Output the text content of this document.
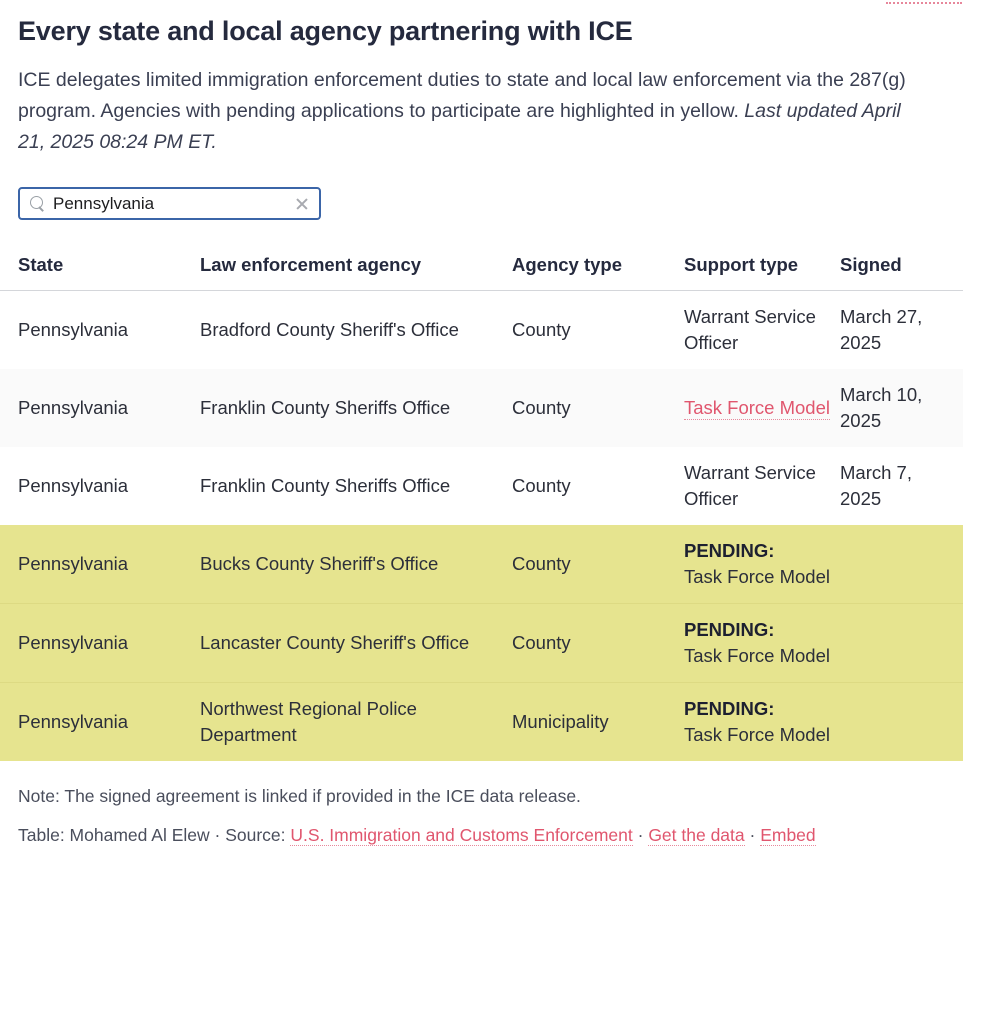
Every state and local agency partnering with ICE

ICE delegates limited immigration enforcement duties to state and local law enforcement via the 287(g) program. Agencies with pending applications to participate are highlighted in yellow. Last updated April 21, 2025 08:24 PM ET.

Pennsylvania
State	Law enforcement agency	Agency type	Support type	Signed
Pennsylvania	Bradford County Sheriff's Office	County	Warrant Service Officer	March 27, 2025
Pennsylvania	Franklin County Sheriffs Office	County	Task Force Model	March 10, 2025
Pennsylvania	Franklin County Sheriffs Office	County	Warrant Service Officer	March 7, 2025
Pennsylvania	Bucks County Sheriff's Office	County	PENDING:
Task Force Model	
Pennsylvania	Lancaster County Sheriff's Office	County	PENDING:
Task Force Model	
Pennsylvania	Northwest Regional Police Department	Municipality	PENDING:
Task Force Model	
Note: The signed agreement is linked if provided in the ICE data release.
Table: Mohamed Al Elew · Source: U.S. Immigration and Customs Enforcement · Get the data · Embed
